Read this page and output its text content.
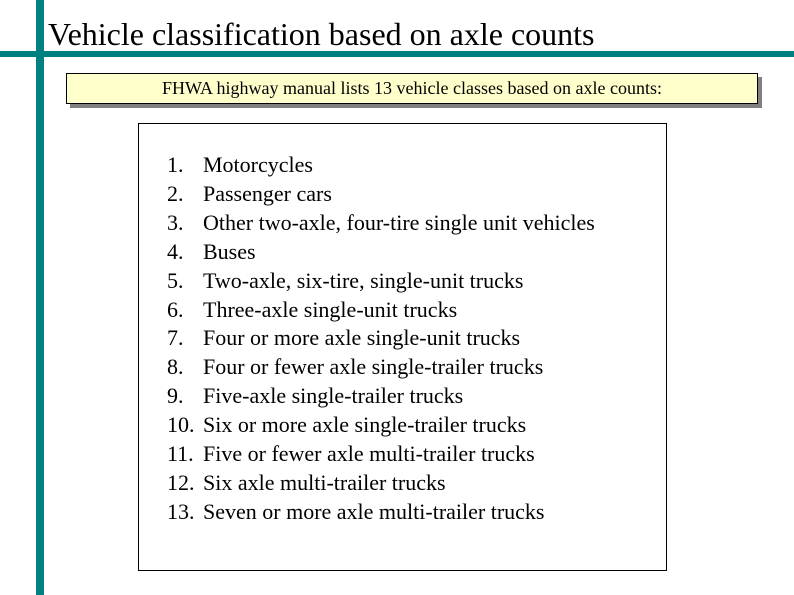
Vehicle classification based on axle counts
FHWA highway manual lists 13 vehicle classes based on axle counts:
1. Motorcycles
2. Passenger cars
3. Other two-axle, four-tire single unit vehicles
4. Buses
5. Two-axle, six-tire, single-unit trucks
6. Three-axle single-unit trucks
7. Four or more axle single-unit trucks
8. Four or fewer axle single-trailer trucks
9. Five-axle single-trailer trucks
10. Six or more axle single-trailer trucks
11. Five or fewer axle multi-trailer trucks
12. Six axle multi-trailer trucks
13. Seven or more axle multi-trailer trucks
